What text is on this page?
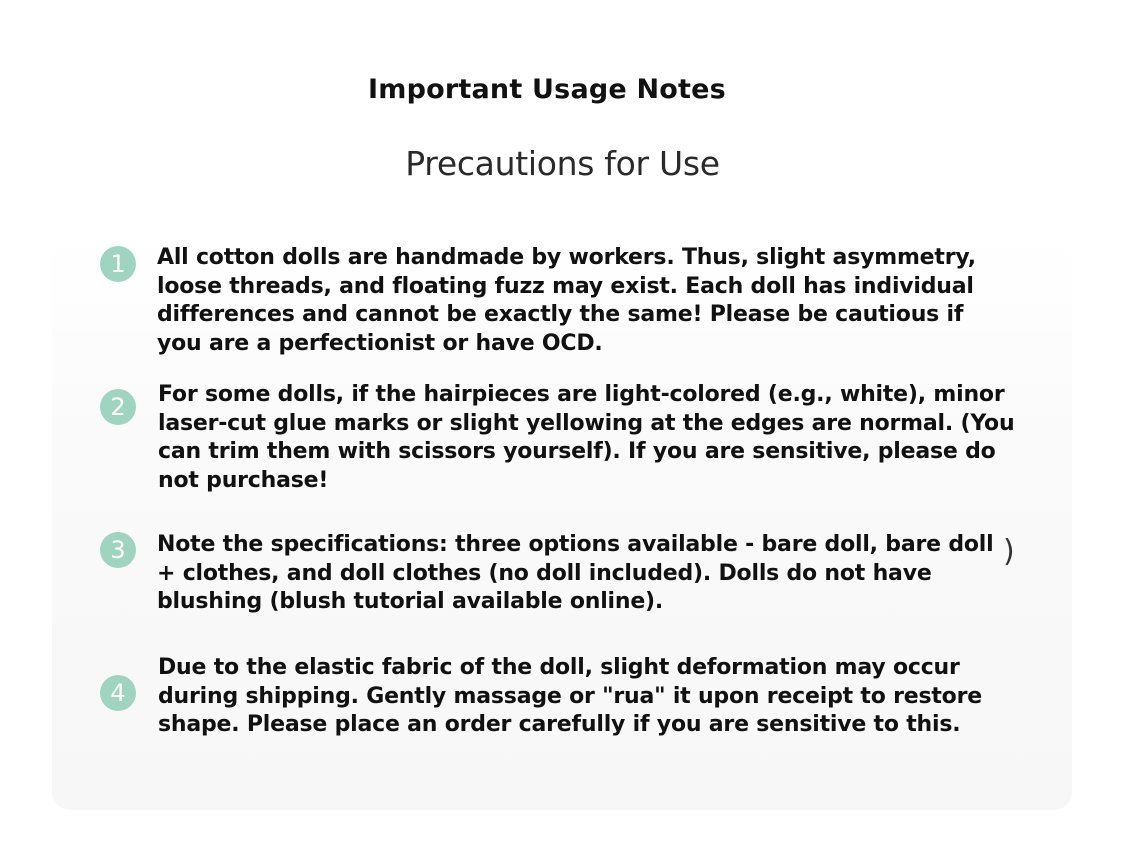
Important Usage Notes
Precautions for Use
1	All cotton dolls are handmade by workers. Thus, slight asymmetry, loose threads, and floating fuzz may exist. Each doll has individual differences and cannot be exactly the same! Please be cautious if you are a perfectionist or have OCD.
2	For some dolls, if the hairpieces are light-colored (e.g., white), minor laser-cut glue marks or slight yellowing at the edges are normal. (You can trim them with scissors yourself). If you are sensitive, please do not purchase!
3	Note the specifications: three options available - bare doll, bare doll + clothes, and doll clothes (no doll included). Dolls do not have blushing (blush tutorial available online).
)
4
Due to the elastic fabric of the doll, slight deformation may occur during shipping. Gently massage or "rua" it upon receipt to restore shape. Please place an order carefully if you are sensitive to this.
